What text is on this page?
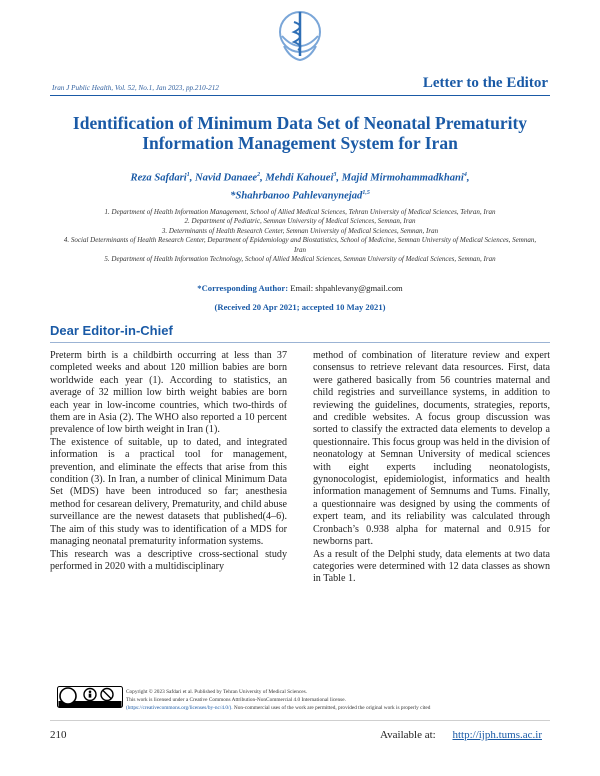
Iran J Public Health, Vol. 52, No.1, Jan 2023, pp.210-212	Letter to the Editor
Identification of Minimum Data Set of Neonatal Prematurity Information Management System for Iran
Reza Safdari$^1$, Navid Danaee$^2$, Mehdi Kahouei$^3$, Majid Mirmohammadkhani$^4$,
*Shahrbanoo Pahlevanynejad$^{1,5}$
1. Department of Health Information Management, School of Allied Medical Sciences, Tehran University of Medical Sciences, Tehran, Iran
2. Department of Pediatric, Semnan University of Medical Sciences, Semnan, Iran
3. Determinants of Health Research Center, Semnan University of Medical Sciences, Semnan, Iran
4. Social Determinants of Health Research Center, Department of Epidemiology and Biostatistics, School of Medicine, Semnan University of Medical Sciences, Semnan, Iran
5. Department of Health Information Technology, School of Allied Medical Sciences, Semnan University of Medical Sciences, Semnan, Iran
*Corresponding Author: Email: shpahlevany@gmail.com
(Received 20 Apr 2021; accepted 10 May 2021)
Dear Editor-in-Chief

Preterm birth is a childbirth occurring at less than 37 completed weeks and about 120 million babies are born worldwide each year (1). According to statistics, an average of 32 million low birth weight babies are born each year in low-income countries, which two-thirds of them are in Asia (2). The WHO also reported a 10 percent prevalence of low birth weight in Iran (1).

The existence of suitable, up to dated, and integrated information is a practical tool for management, prevention, and eliminate the effects that arise from this condition (3). In Iran, a number of clinical Minimum Data Set (MDS) have been introduced so far; anesthesia method for cesarean delivery, Prematurity, and child abuse surveillance are the newest datasets that published(4–6). The aim of this study was to identification of a MDS for managing neonatal prematurity information systems.

This research was a descriptive cross-sectional study performed in 2020 with a multidisciplinary

method of combination of literature review and expert consensus to retrieve relevant data resources. First, data were gathered basically from 56 countries maternal and child registries and surveillance systems, in addition to reviewing the guidelines, documents, strategies, reports, and credible websites. A focus group discussion was sorted to classify the extracted data elements to develop a questionnaire. This focus group was held in the division of neonatology at Semnan University of medical sciences with eight experts including neonatologists, gynonocologist, epidemiologist, informatics and health information management of Semnums and Tums. Finally, a questionnaire was designed by using the comments of expert team, and its reliability was calculated through Cronbach’s 0.938 alpha for maternal and 0.915 for newborns part.

As a result of the Delphi study, data elements at two data categories were determined with 12 data classes as shown in Table 1.

Copyright © 2023 Safdari et al. Published by Tehran University of Medical Sciences.
This work is licensed under a Creative Commons Attribution-NonCommercial 4.0 International license.
(https://creativecommons.org/licenses/by-nc/4.0/). Non-commercial uses of the work are permitted, provided the original work is properly cited
210	Available at: http://ijph.tums.ac.ir
